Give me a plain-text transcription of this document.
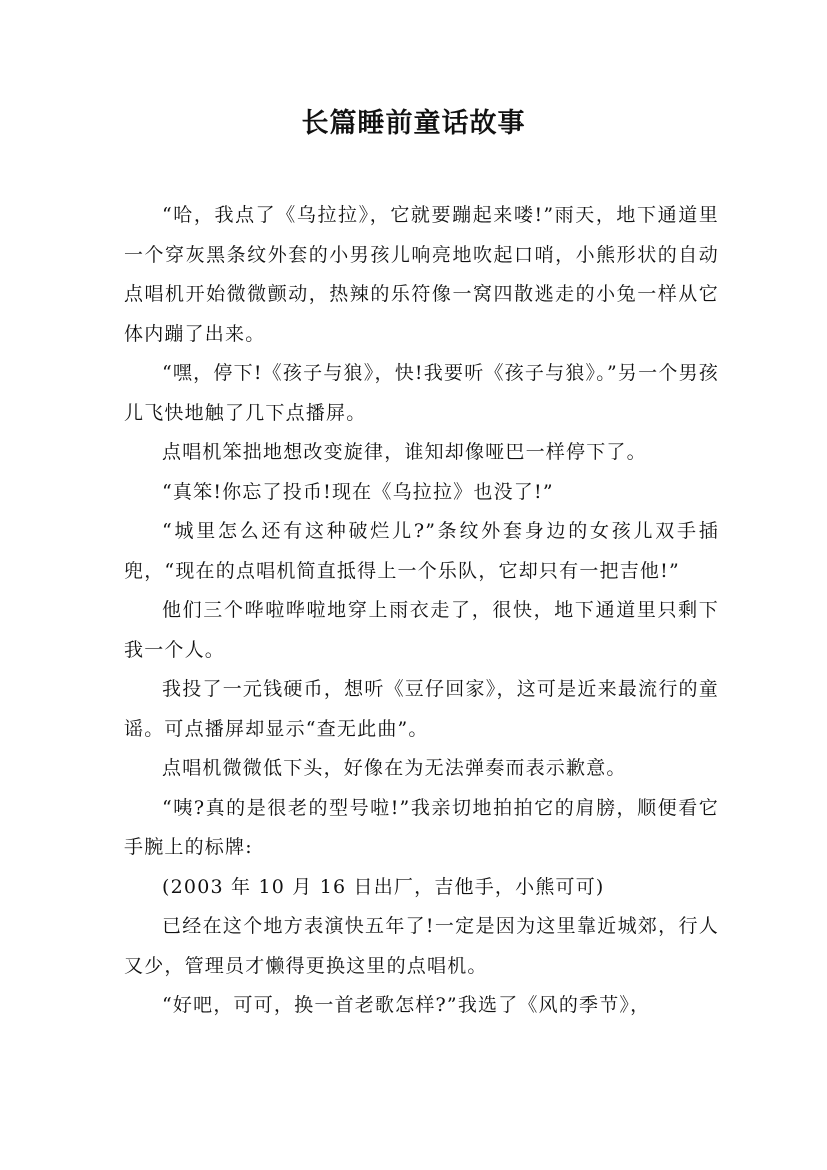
长篇睡前童话故事

“哈，我点了《乌拉拉》，它就要蹦起来喽!”雨天，地下通道里一个穿灰黑条纹外套的小男孩儿响亮地吹起口哨，小熊形状的自动点唱机开始微微颤动，热辣的乐符像一窝四散逃走的小兔一样从它体内蹦了出来。

“嘿，停下!《孩子与狼》，快!我要听《孩子与狼》。”另一个男孩儿飞快地触了几下点播屏。

点唱机笨拙地想改变旋律，谁知却像哑巴一样停下了。

“真笨!你忘了投币!现在《乌拉拉》也没了!”

“城里怎么还有这种破烂儿?”条纹外套身边的女孩儿双手插兜，“现在的点唱机简直抵得上一个乐队，它却只有一把吉他!”

他们三个哗啦哗啦地穿上雨衣走了，很快，地下通道里只剩下我一个人。

我投了一元钱硬币，想听《豆仔回家》，这可是近来最流行的童谣。可点播屏却显示“查无此曲”。

点唱机微微低下头，好像在为无法弹奏而表示歉意。

“咦?真的是很老的型号啦!”我亲切地拍拍它的肩膀，顺便看它手腕上的标牌:

(2003 年 10 月 16 日出厂，吉他手，小熊可可)

已经在这个地方表演快五年了!一定是因为这里靠近城郊，行人又少，管理员才懒得更换这里的点唱机。

“好吧，可可，换一首老歌怎样?”我选了《风的季节》，
